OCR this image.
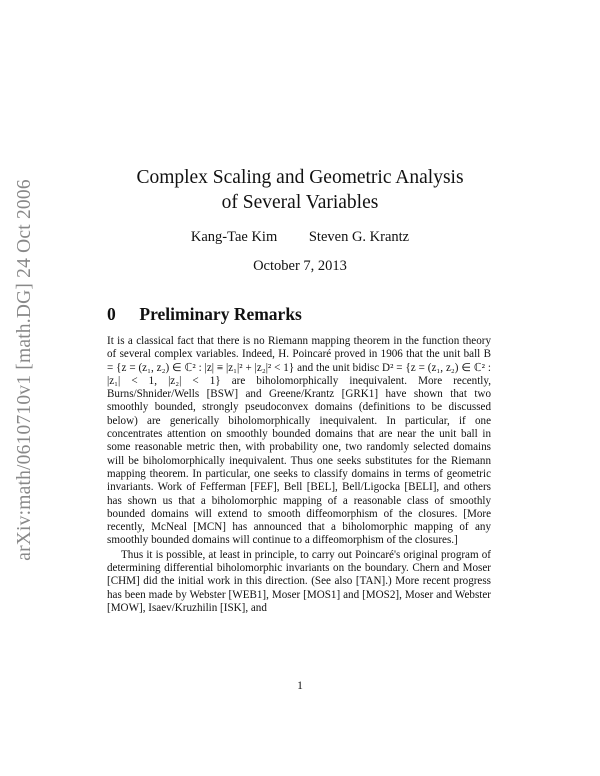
arXiv:math/0610710v1 [math.DG] 24 Oct 2006
Complex Scaling and Geometric Analysis
of Several Variables
Kang-Tae Kim Steven G. Krantz
October 7, 2013
0 Preliminary Remarks

It is a classical fact that there is no Riemann mapping theorem in the function theory of several complex variables. Indeed, H. Poincaré proved in 1906 that the unit ball B = {z = (z₁, z₂) ∈ ℂ² : |z| ≡ |z₁|² + |z₂|² < 1} and the unit bidisc D² = {z = (z₁, z₂) ∈ ℂ² : |z₁| < 1, |z₂| < 1} are biholomorphically inequivalent. More recently, Burns/Shnider/Wells [BSW] and Greene/Krantz [GRK1] have shown that two smoothly bounded, strongly pseudoconvex domains (definitions to be discussed below) are generically biholomorphically inequivalent. In particular, if one concentrates attention on smoothly bounded domains that are near the unit ball in some reasonable metric then, with probability one, two randomly selected domains will be biholomorphically inequivalent. Thus one seeks substitutes for the Riemann mapping theorem. In particular, one seeks to classify domains in terms of geometric invariants. Work of Fefferman [FEF], Bell [BEL], Bell/Ligocka [BELI], and others has shown us that a biholomorphic mapping of a reasonable class of smoothly bounded domains will extend to smooth diffeomorphism of the closures. [More recently, McNeal [MCN] has announced that a biholomorphic mapping of any smoothly bounded domains will continue to a diffeomorphism of the closures.]

Thus it is possible, at least in principle, to carry out Poincaré's original program of determining differential biholomorphic invariants on the boundary. Chern and Moser [CHM] did the initial work in this direction. (See also [TAN].) More recent progress has been made by Webster [WEB1], Moser [MOS1] and [MOS2], Moser and Webster [MOW], Isaev/Kruzhilin [ISK], and

1
